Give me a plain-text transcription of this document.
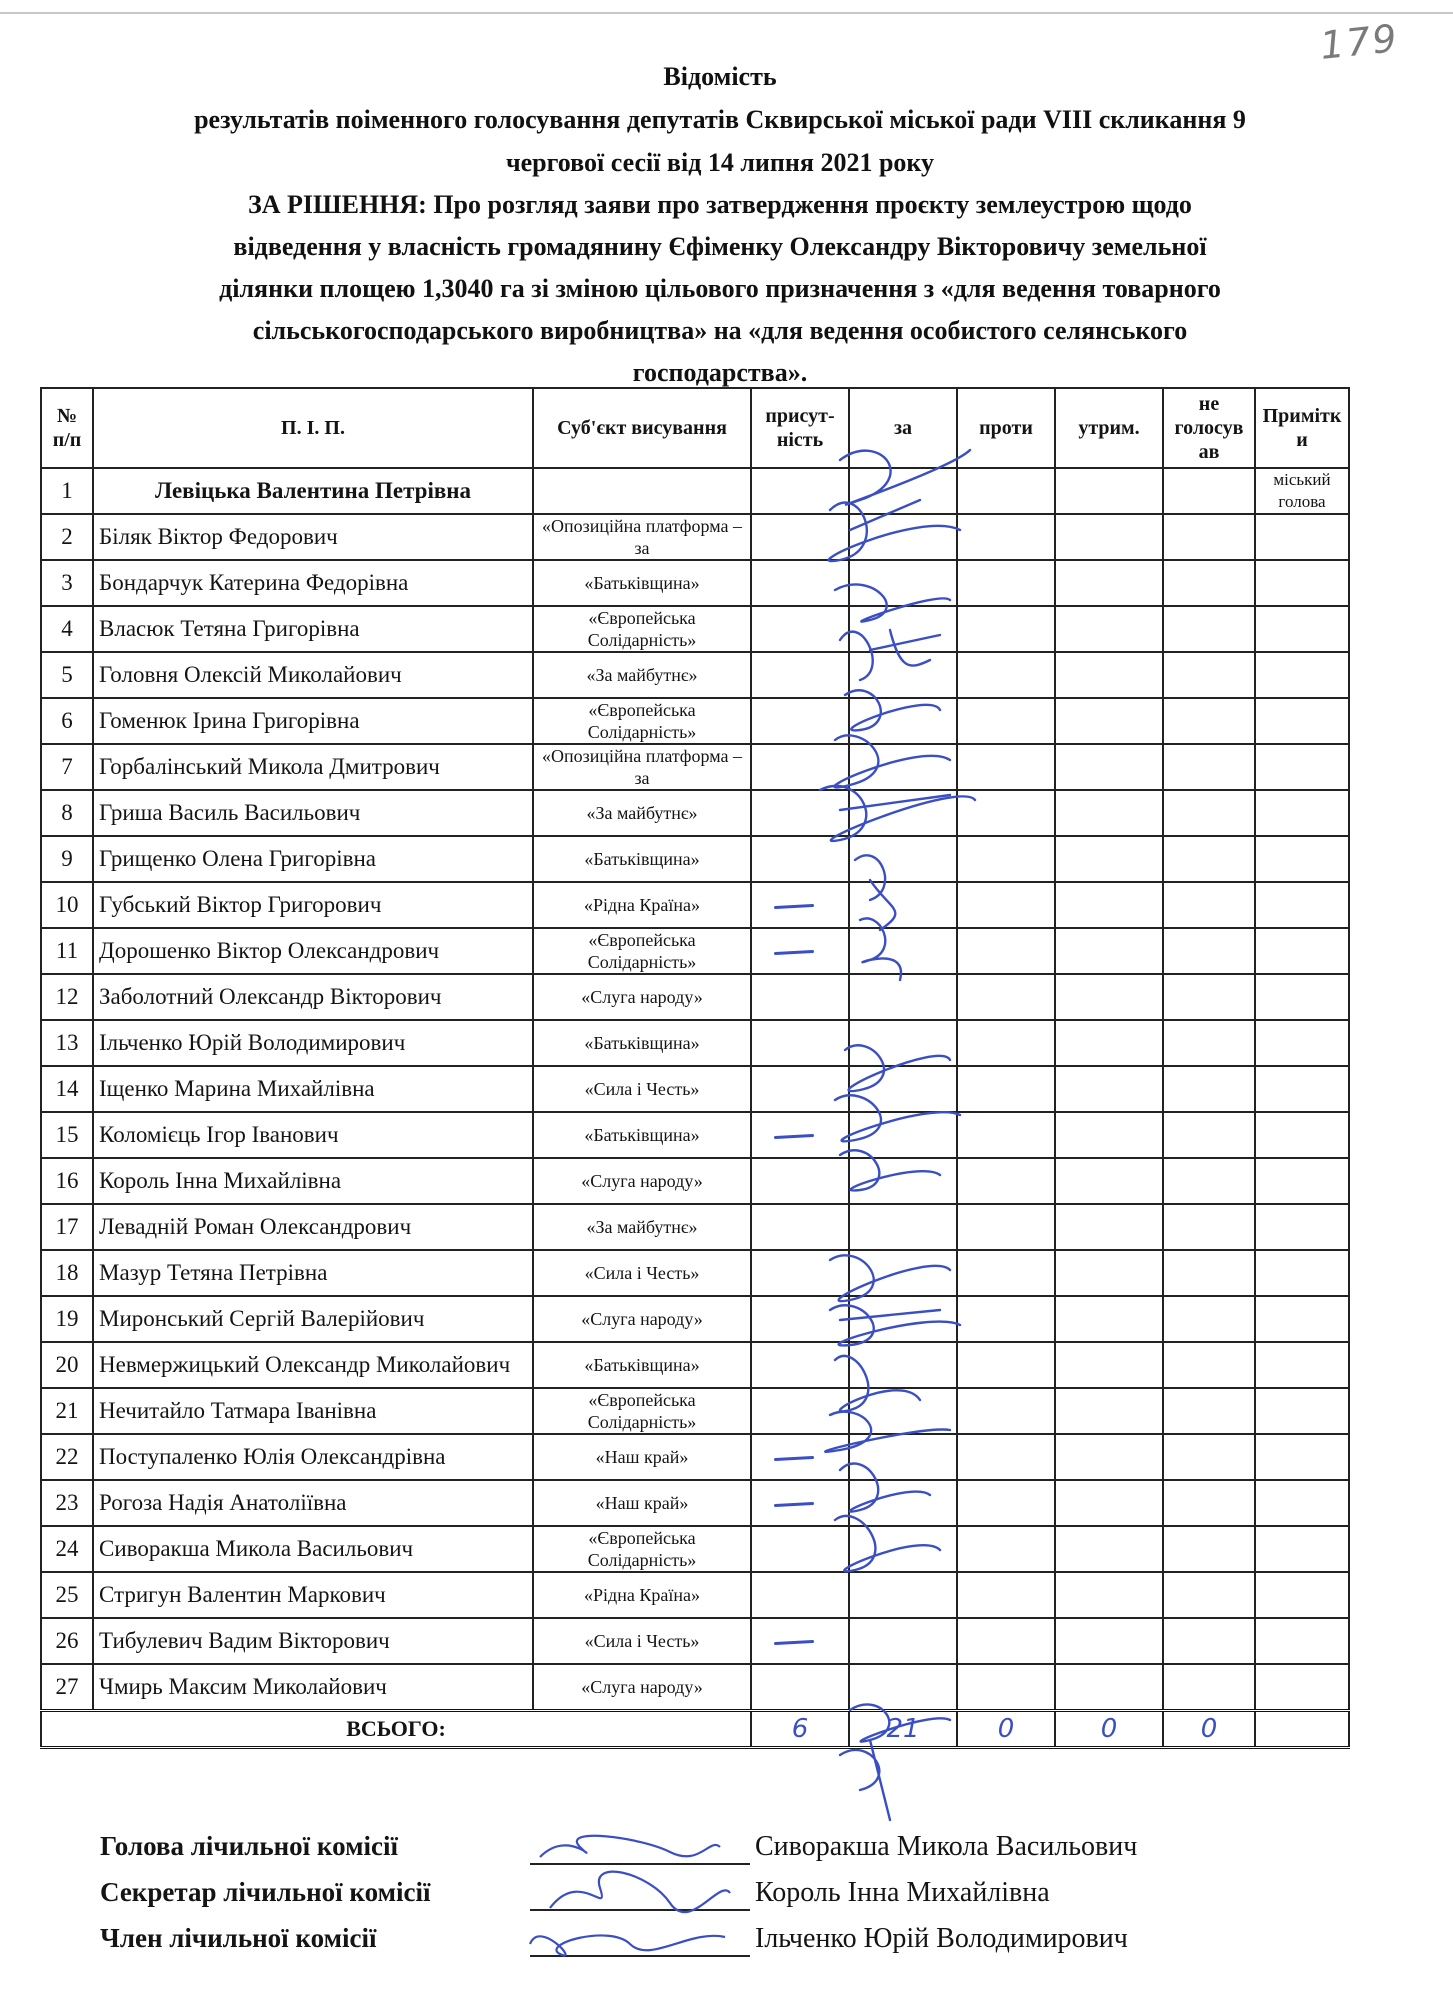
179
Відомість
результатів поіменного голосування депутатів Сквирської міської ради VIII скликання 9
чергової сесії від 14 липня 2021 року
ЗА РІШЕННЯ: Про розгляд заяви про затвердження проєкту землеустрою щодо
відведення у власність громадянину Єфіменку Олександру Вікторовичу земельної
ділянки площею 1,3040 га зі зміною цільового призначення з «для ведення товарного
сільськогосподарського виробництва» на «для ведення особистого селянського
господарства».
№ п/п	П. І. П.	Суб'єкт висування	присут-ність	за	проти	утрим.	не голосув ав	Примітк и
1	Левіцька Валентина Петрівна							міський голова
2	Біляк Віктор Федорович	«Опозиційна платформа – за						
3	Бондарчук Катерина Федорівна	«Батьківщина»						
4	Власюк Тетяна Григорівна	«Європейська Солідарність»						
5	Головня Олексій Миколайович	«За майбутнє»						
6	Гоменюк Ірина Григорівна	«Європейська Солідарність»						
7	Горбалінський Микола Дмитрович	«Опозиційна платформа – за						
8	Гриша Василь Васильович	«За майбутнє»						
9	Грищенко Олена Григорівна	«Батьківщина»						
10	Губський Віктор Григорович	«Рідна Країна»	

11	Дорошенко Віктор Олександрович	«Європейська Солідарність»	

12	Заболотний Олександр Вікторович	«Слуга народу»						
13	Ільченко Юрій Володимирович	«Батьківщина»						
14	Іщенко Марина Михайлівна	«Сила і Честь»						
15	Коломієць Ігор Іванович	«Батьківщина»	

16	Король Інна Михайлівна	«Слуга народу»						
17	Левадній Роман Олександрович	«За майбутнє»						
18	Мазур Тетяна Петрівна	«Сила і Честь»						
19	Миронський Сергій Валерійович	«Слуга народу»						
20	Невмержицький Олександр Миколайович	«Батьківщина»						
21	Нечитайло Татмара Іванівна	«Європейська Солідарність»						
22	Поступаленко Юлія Олександрівна	«Наш край»	

23	Рогоза Надія Анатоліївна	«Наш край»	

24	Сиворакша Микола Васильович	«Європейська Солідарність»						
25	Стригун Валентин Маркович	«Рідна Країна»						
26	Тибулевич Вадим Вікторович	«Сила і Честь»	

27	Чмирь Максим Миколайович	«Слуга народу»						
ВСЬОГО:			6	21	0	0	0	
Голова лічильної комісії	Сиворакша Микола Васильович
Секретар лічильної комісії	Король Інна Михайлівна
Член лічильної комісії	Ільченко Юрій Володимирович
